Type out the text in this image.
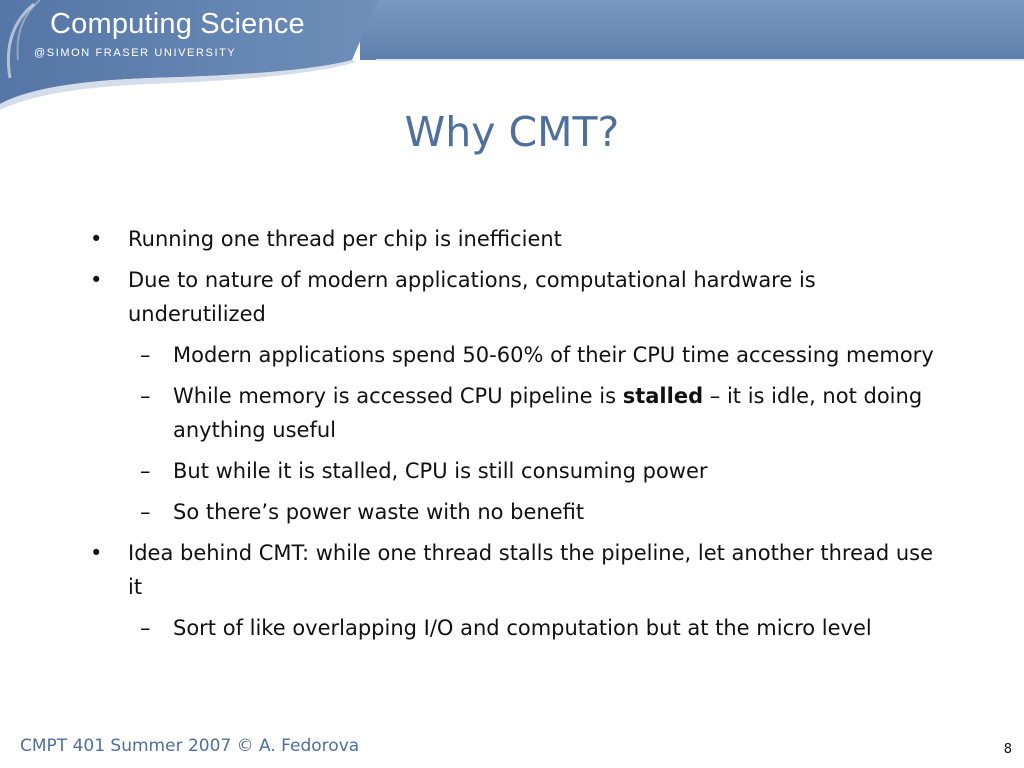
Computing Science
@SIMON FRASER UNIVERSITY
Why CMT?
• Running one thread per chip is inefficient
• Due to nature of modern applications, computational hardware is underutilized
– Modern applications spend 50-60% of their CPU time accessing memory
– While memory is accessed CPU pipeline is stalled – it is idle, not doing anything useful
– But while it is stalled, CPU is still consuming power
– So there’s power waste with no benefit
• Idea behind CMT: while one thread stalls the pipeline, let another thread use it
– Sort of like overlapping I/O and computation but at the micro level
CMPT 401 Summer 2007 © A. Fedorova	8
